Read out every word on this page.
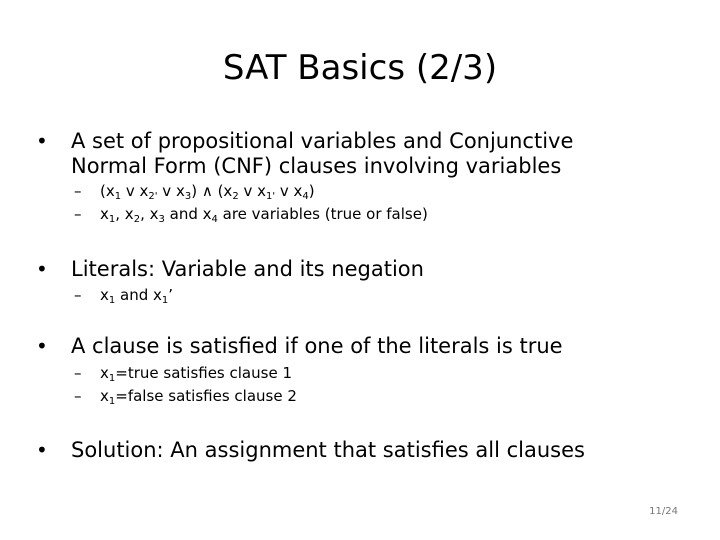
SAT Basics (2/3)
• A set of propositional variables and Conjunctive Normal Form (CNF) clauses involving variables
– ($x_1$ v $x_{2'}$ v $x_3$) ∧ ($x_2$ v $x_{1'}$ v $x_4$)
– $x_1$, $x_2$, $x_3$ and $x_4$ are variables (true or false)
• Literals: Variable and its negation
– $x_1$ and $x_1$’
• A clause is satisfied if one of the literals is true
– $x_1=true$ satisfies clause 1
– $x_1=false$ satisfies clause 2
• Solution: An assignment that satisfies all clauses
11/24
